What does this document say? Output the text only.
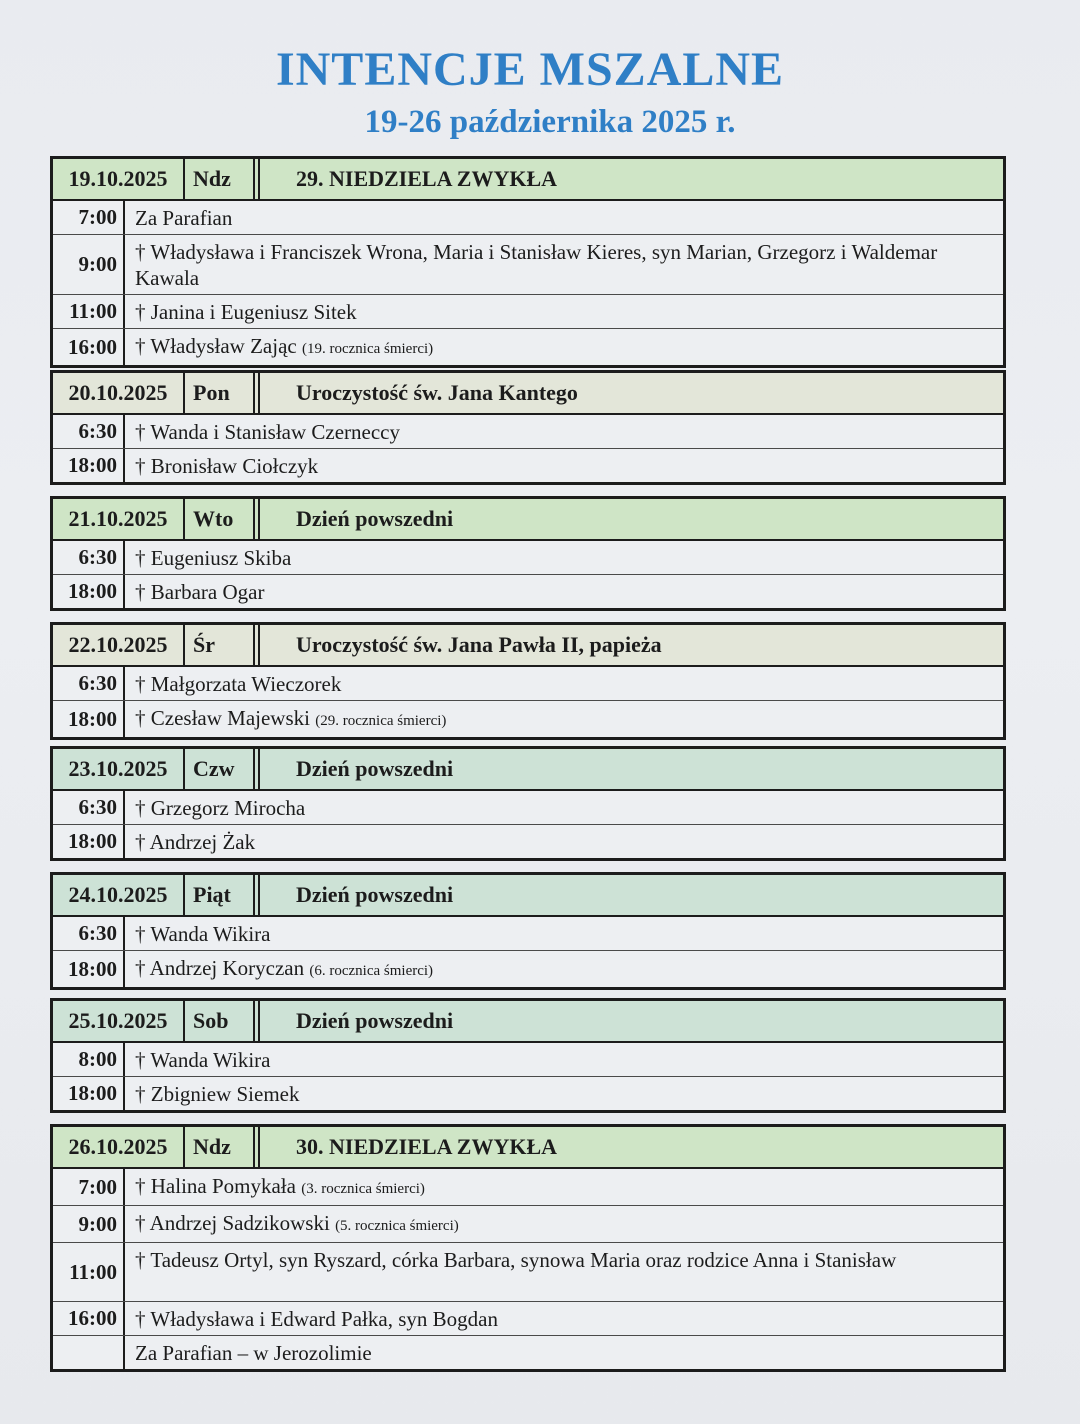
INTENCJE MSZALNE
19-26 października 2025 r.
19.10.2025	Ndz	29. NIEDZIELA ZWYKŁA
7:00 Za Parafian
9:00 † Władysława i Franciszek Wrona, Maria i Stanisław Kieres, syn Marian, Grzegorz i Waldemar Kawala
11:00 † Janina i Eugeniusz Sitek
16:00 † Władysław Zając (19. rocznica śmierci)
20.10.2025	Pon	Uroczystość św. Jana Kantego
6:30 † Wanda i Stanisław Czerneccy
18:00 † Bronisław Ciołczyk
21.10.2025	Wto	Dzień powszedni
6:30 † Eugeniusz Skiba
18:00 † Barbara Ogar
22.10.2025	Śr	Uroczystość św. Jana Pawła II, papieża
6:30 † Małgorzata Wieczorek
18:00 † Czesław Majewski (29. rocznica śmierci)
23.10.2025	Czw	Dzień powszedni
6:30 † Grzegorz Mirocha
18:00 † Andrzej Żak
24.10.2025	Piąt	Dzień powszedni
6:30 † Wanda Wikira
18:00 † Andrzej Koryczan (6. rocznica śmierci)
25.10.2025	Sob	Dzień powszedni
8:00 † Wanda Wikira
18:00 † Zbigniew Siemek
26.10.2025	Ndz	30. NIEDZIELA ZWYKŁA
7:00 † Halina Pomykała (3. rocznica śmierci)
9:00 † Andrzej Sadzikowski (5. rocznica śmierci)
11:00 † Tadeusz Ortyl, syn Ryszard, córka Barbara, synowa Maria oraz rodzice Anna i Stanisław
16:00 † Władysława i Edward Pałka, syn Bogdan
Za Parafian – w Jerozolimie
